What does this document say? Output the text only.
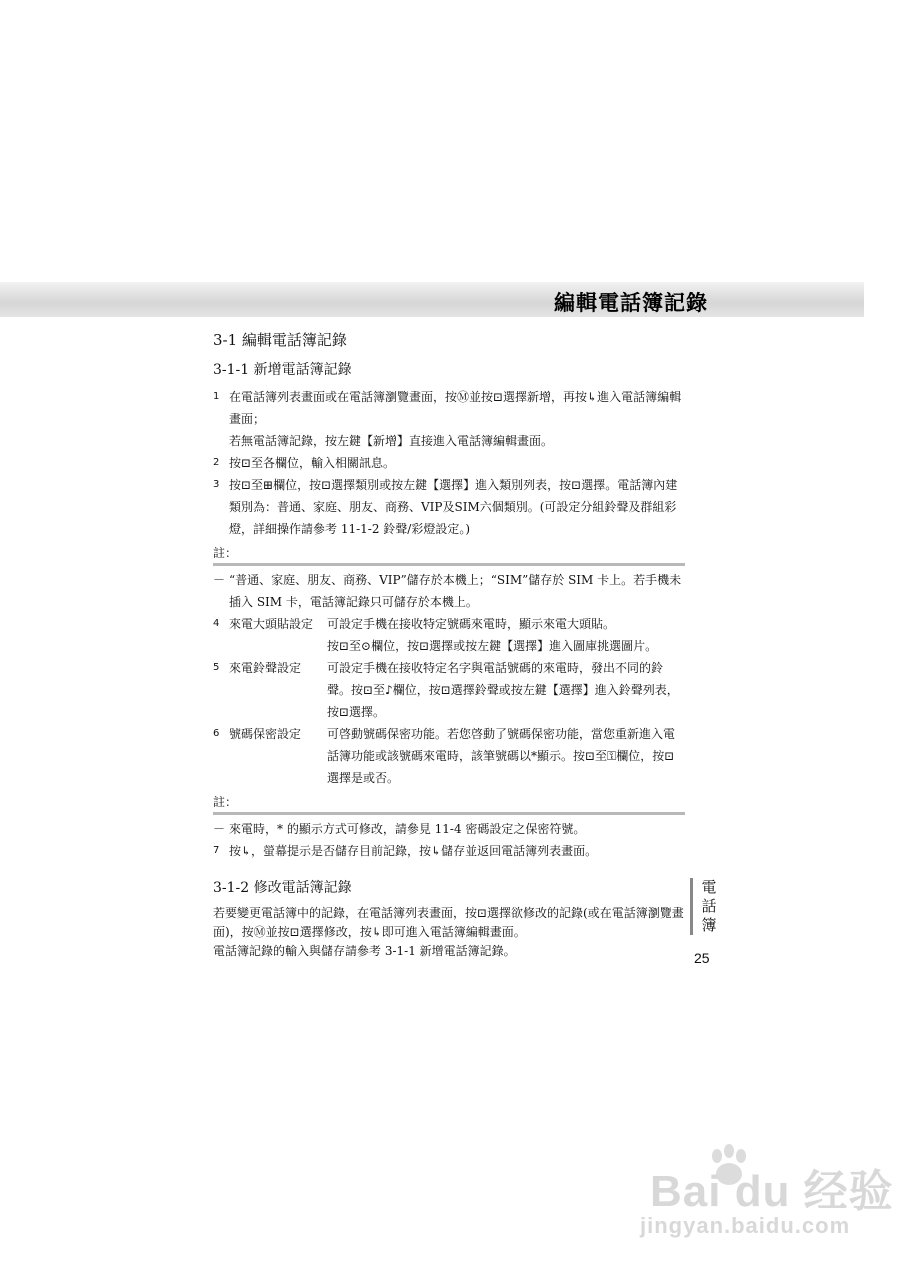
編輯電話簿記錄
3-1 編輯電話簿記錄
3-1-1 新增電話簿記錄
1 在電話簿列表畫面或在電話簿瀏覽畫面，按Ⓜ並按⊡選擇新增，再按↳進入電話簿編輯畫面；
若無電話簿記錄，按左鍵【新增】直接進入電話簿編輯畫面。
2 按⊡至各欄位，輸入相關訊息。
3 按⊡至⊞欄位，按⊡選擇類別或按左鍵【選擇】進入類別列表，按⊡選擇。電話簿內建類別為：普通、家庭、朋友、商務、VIP及SIM六個類別。(可設定分組鈴聲及群組彩燈，詳細操作請參考 11-1-2 鈴聲/彩燈設定。)
註：
－ “普通、家庭、朋友、商務、VIP”儲存於本機上；“SIM”儲存於 SIM 卡上。若手機未插入 SIM 卡，電話簿記錄只可儲存於本機上。
4 來電大頭貼設定	可設定手機在接收特定號碼來電時，顯示來電大頭貼。
按⊡至⊙欄位，按⊡選擇或按左鍵【選擇】進入圖庫挑選圖片。
5 來電鈴聲設定	可設定手機在接收特定名字與電話號碼的來電時，發出不同的鈴聲。按⊡至♪欄位，按⊡選擇鈴聲或按左鍵【選擇】進入鈴聲列表，按⊡選擇。
6 號碼保密設定	可啓動號碼保密功能。若您啓動了號碼保密功能，當您重新進入電話簿功能或該號碼來電時，該筆號碼以*顯示。按⊡至⚿欄位，按⊡選擇是或否。
註：
－ 來電時，* 的顯示方式可修改，請參見 11-4 密碼設定之保密符號。
7 按↳，螢幕提示是否儲存目前記錄，按↳儲存並返回電話簿列表畫面。
3-1-2 修改電話簿記錄
若要變更電話簿中的記錄，在電話簿列表畫面，按⊡選擇欲修改的記錄(或在電話簿瀏覽畫面)，按Ⓜ並按⊡選擇修改，按↳即可進入電話簿編輯畫面。
電話簿記錄的輸入與儲存請參考 3-1-1 新增電話簿記錄。
電
話
簿
25
Bai du 经验
jingyan.baidu.com
